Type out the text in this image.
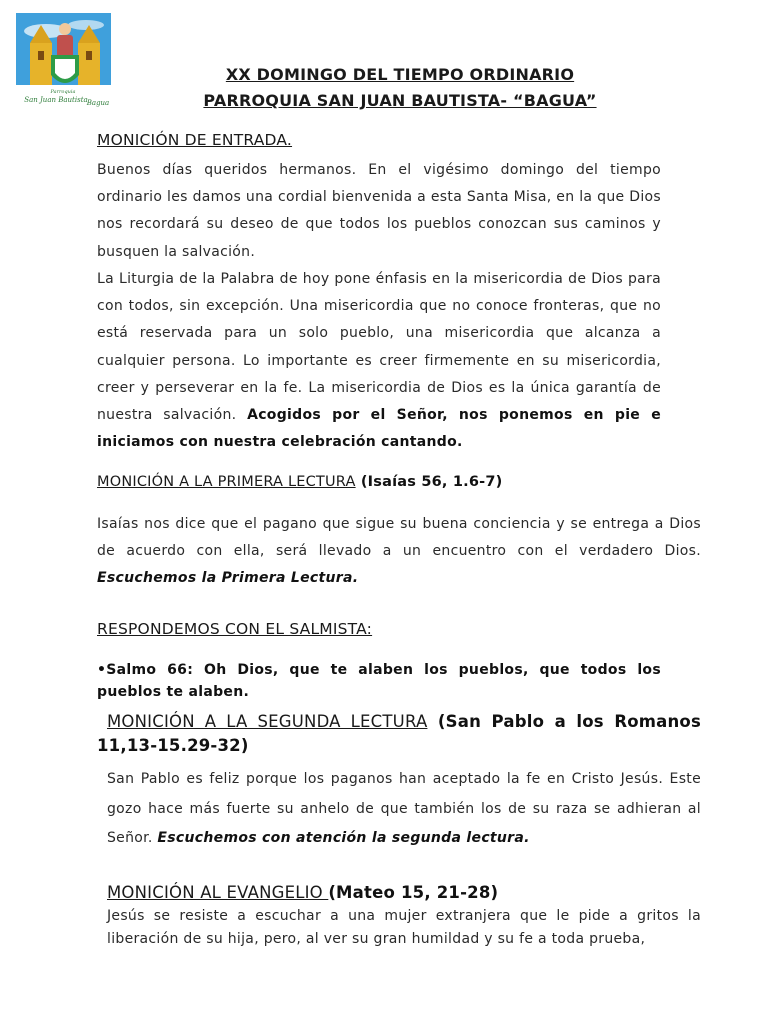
Parroquia
San Juan Bautista Bagua
XX DOMINGO DEL TIEMPO ORDINARIO
PARROQUIA SAN JUAN BAUTISTA- “BAGUA”
MONICIÓN DE ENTRADA.

Buenos días queridos hermanos. En el vigésimo domingo del tiempo ordinario les damos una cordial bienvenida a esta Santa Misa, en la que Dios nos recordará su deseo de que todos los pueblos conozcan sus caminos y busquen la salvación.

La Liturgia de la Palabra de hoy pone énfasis en la misericordia de Dios para con todos, sin excepción. Una misericordia que no conoce fronteras, que no está reservada para un solo pueblo, una misericordia que alcanza a cualquier persona. Lo importante es creer firmemente en su misericordia, creer y perseverar en la fe. La misericordia de Dios es la única garantía de nuestra salvación. Acogidos por el Señor, nos ponemos en pie e iniciamos con nuestra celebración cantando.

MONICIÓN A LA PRIMERA LECTURA (Isaías 56, 1.6-7)

Isaías nos dice que el pagano que sigue su buena conciencia y se entrega a Dios de acuerdo con ella, será llevado a un encuentro con el verdadero Dios. Escuchemos la Primera Lectura.

RESPONDEMOS CON EL SALMISTA:

•Salmo 66: Oh Dios, que te alaben los pueblos, que todos los pueblos te alaben.

MONICIÓN A LA SEGUNDA LECTURA (San Pablo a los Romanos 11,13-15.29-32)

San Pablo es feliz porque los paganos han aceptado la fe en Cristo Jesús. Este gozo hace más fuerte su anhelo de que también los de su raza se adhieran al Señor. Escuchemos con atención la segunda lectura.

MONICIÓN AL EVANGELIO (Mateo 15, 21-28)

Jesús se resiste a escuchar a una mujer extranjera que le pide a gritos la liberación de su hija, pero, al ver su gran humildad y su fe a toda prueba,
